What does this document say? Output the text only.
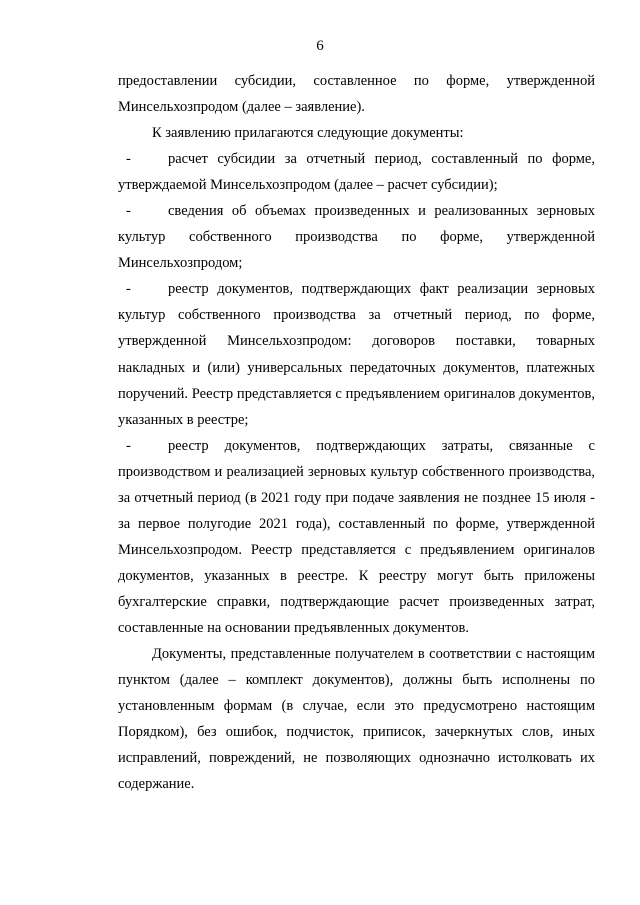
6

предоставлении субсидии, составленное по форме, утвержденной Минсельхозпродом (далее – заявление).

К заявлению прилагаются следующие документы:

-	расчет субсидии за отчетный период, составленный по форме, утверждаемой Минсельхозпродом (далее – расчет субсидии);

-	сведения об объемах произведенных и реализованных зерновых культур собственного производства по форме, утвержденной Минсельхозпродом;

-	реестр документов, подтверждающих факт реализации зерновых культур собственного производства за отчетный период, по форме, утвержденной Минсельхозпродом: договоров поставки, товарных накладных и (или) универсальных передаточных документов, платежных поручений. Реестр представляется с предъявлением оригиналов документов, указанных в реестре;

-	реестр документов, подтверждающих затраты, связанные с производством и реализацией зерновых культур собственного производства, за отчетный период (в 2021 году при подаче заявления не позднее 15 июля - за первое полугодие 2021 года), составленный по форме, утвержденной Минсельхозпродом. Реестр представляется с предъявлением оригиналов документов, указанных в реестре. К реестру могут быть приложены бухгалтерские справки, подтверждающие расчет произведенных затрат, составленные на основании предъявленных документов.

Документы, представленные получателем в соответствии с настоящим пунктом (далее – комплект документов), должны быть исполнены по установленным формам (в случае, если это предусмотрено настоящим Порядком), без ошибок, подчисток, приписок, зачеркнутых слов, иных исправлений, повреждений, не позволяющих однозначно истолковать их содержание.
